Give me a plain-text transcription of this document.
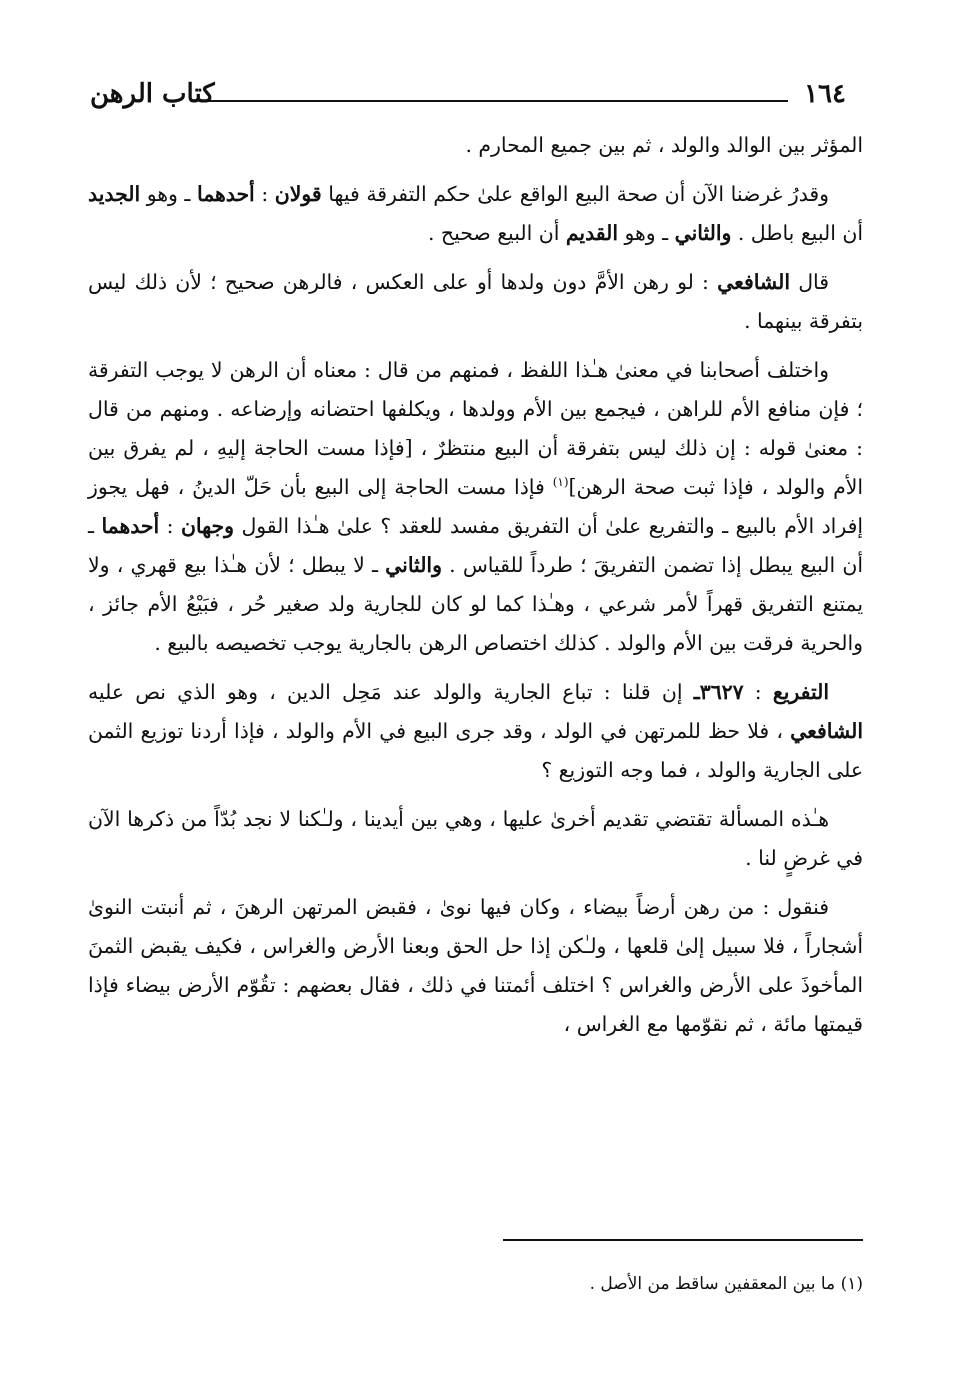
١٦٤
كتاب الرهن

المؤثر بين الوالد والولد ، ثم بين جميع المحارم .

وقدرُ غرضنا الآن أن صحة البيع الواقع علىٰ حكم التفرقة فيها قولان : أحدهما ـ وهو الجديد أن البيع باطل . والثاني ـ وهو القديم أن البيع صحيح .

قال الشافعي : لو رهن الأمَّ دون ولدها أو على العكس ، فالرهن صحيح ؛ لأن ذلك ليس بتفرقة بينهما .

واختلف أصحابنا في معنىٰ هـٰذا اللفظ ، فمنهم من قال : معناه أن الرهن لا يوجب التفرقة ؛ فإن منافع الأم للراهن ، فيجمع بين الأم وولدها ، ويكلفها احتضانه وإرضاعه . ومنهم من قال : معنىٰ قوله : إن ذلك ليس بتفرقة أن البيع منتظرٌ ، [فإذا مست الحاجة إليهِ ، لم يفرق بين الأم والولد ، فإذا ثبت صحة الرهن]$^{(١)}$ فإذا مست الحاجة إلى البيع بأن حَلّ الدينُ ، فهل يجوز إفراد الأم بالبيع ـ والتفريع علىٰ أن التفريق مفسد للعقد ؟ علىٰ هـٰذا القول وجهان : أحدهما ـ أن البيع يبطل إذا تضمن التفريقَ ؛ طرداً للقياس . والثاني ـ لا يبطل ؛ لأن هـٰذا بيع قهري ، ولا يمتنع التفريق قهراً لأمر شرعي ، وهـٰذا كما لو كان للجارية ولد صغير حُر ، فبَيْعُ الأم جائز ، والحرية فرقت بين الأم والولد . كذلك اختصاص الرهن بالجارية يوجب تخصيصه بالبيع .

التفريع : ٣٦٢٧ـ إن قلنا : تباع الجارية والولد عند مَحِل الدين ، وهو الذي نص عليه الشافعي ، فلا حظ للمرتهن في الولد ، وقد جرى البيع في الأم والولد ، فإذا أردنا توزيع الثمن على الجارية والولد ، فما وجه التوزيع ؟

هـٰذه المسألة تقتضي تقديم أخرىٰ عليها ، وهي بين أيدينا ، ولـٰكنا لا نجد بُدّاً من ذكرها الآن في غرضٍ لنا .

فنقول : من رهن أرضاً بيضاء ، وكان فيها نوىٰ ، فقبض المرتهن الرهنَ ، ثم أنبتت النوىٰ أشجاراً ، فلا سبيل إلىٰ قلعها ، ولـٰكن إذا حل الحق وبعنا الأرض والغراس ، فكيف يقبض الثمنَ المأخوذَ على الأرض والغراس ؟ اختلف أئمتنا في ذلك ، فقال بعضهم : تقُوّم الأرض بيضاء فإذا قيمتها مائة ، ثم نقوّمها مع الغراس ،

(١) ما بين المعقفين ساقط من الأصل .
